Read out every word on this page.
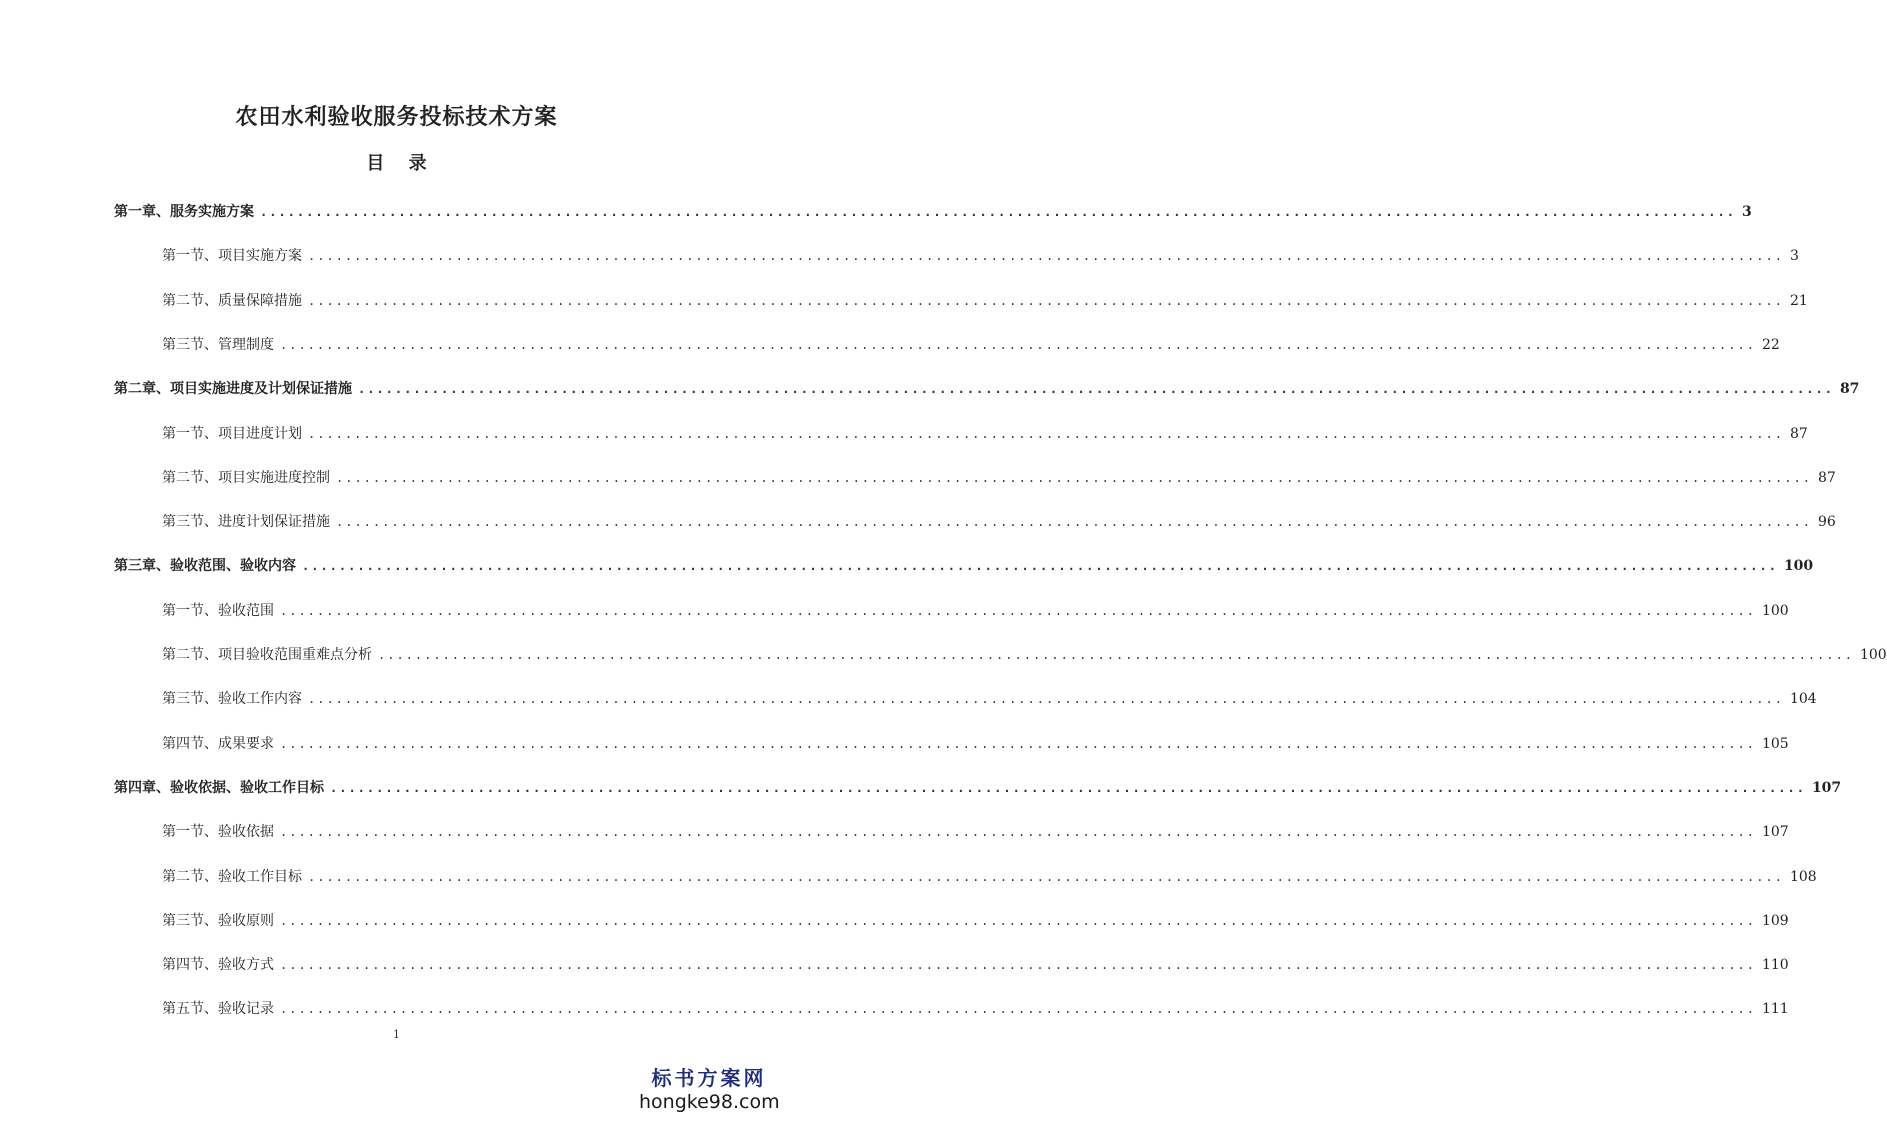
农田水利验收服务投标技术方案
目 录
第一章、服务实施方案 ................................................................................................................................................................ 3
第一节、项目实施方案 ................................................................................................................................................................ 3
第二节、质量保障措施 ................................................................................................................................................................ 21
第三节、管理制度 ................................................................................................................................................................ 22
第二章、项目实施进度及计划保证措施 ................................................................................................................................................................ 87
第一节、项目进度计划 ................................................................................................................................................................ 87
第二节、项目实施进度控制 ................................................................................................................................................................ 87
第三节、进度计划保证措施 ................................................................................................................................................................ 96
第三章、验收范围、验收内容 ................................................................................................................................................................ 100
第一节、验收范围 ................................................................................................................................................................ 100
第二节、项目验收范围重难点分析 ................................................................................................................................................................ 100
第三节、验收工作内容 ................................................................................................................................................................ 104
第四节、成果要求 ................................................................................................................................................................ 105
第四章、验收依据、验收工作目标 ................................................................................................................................................................ 107
第一节、验收依据 ................................................................................................................................................................ 107
第二节、验收工作目标 ................................................................................................................................................................ 108
第三节、验收原则 ................................................................................................................................................................ 109
第四节、验收方式 ................................................................................................................................................................ 110
第五节、验收记录 ................................................................................................................................................................ 111
1
标书方案网
hongke98.com
